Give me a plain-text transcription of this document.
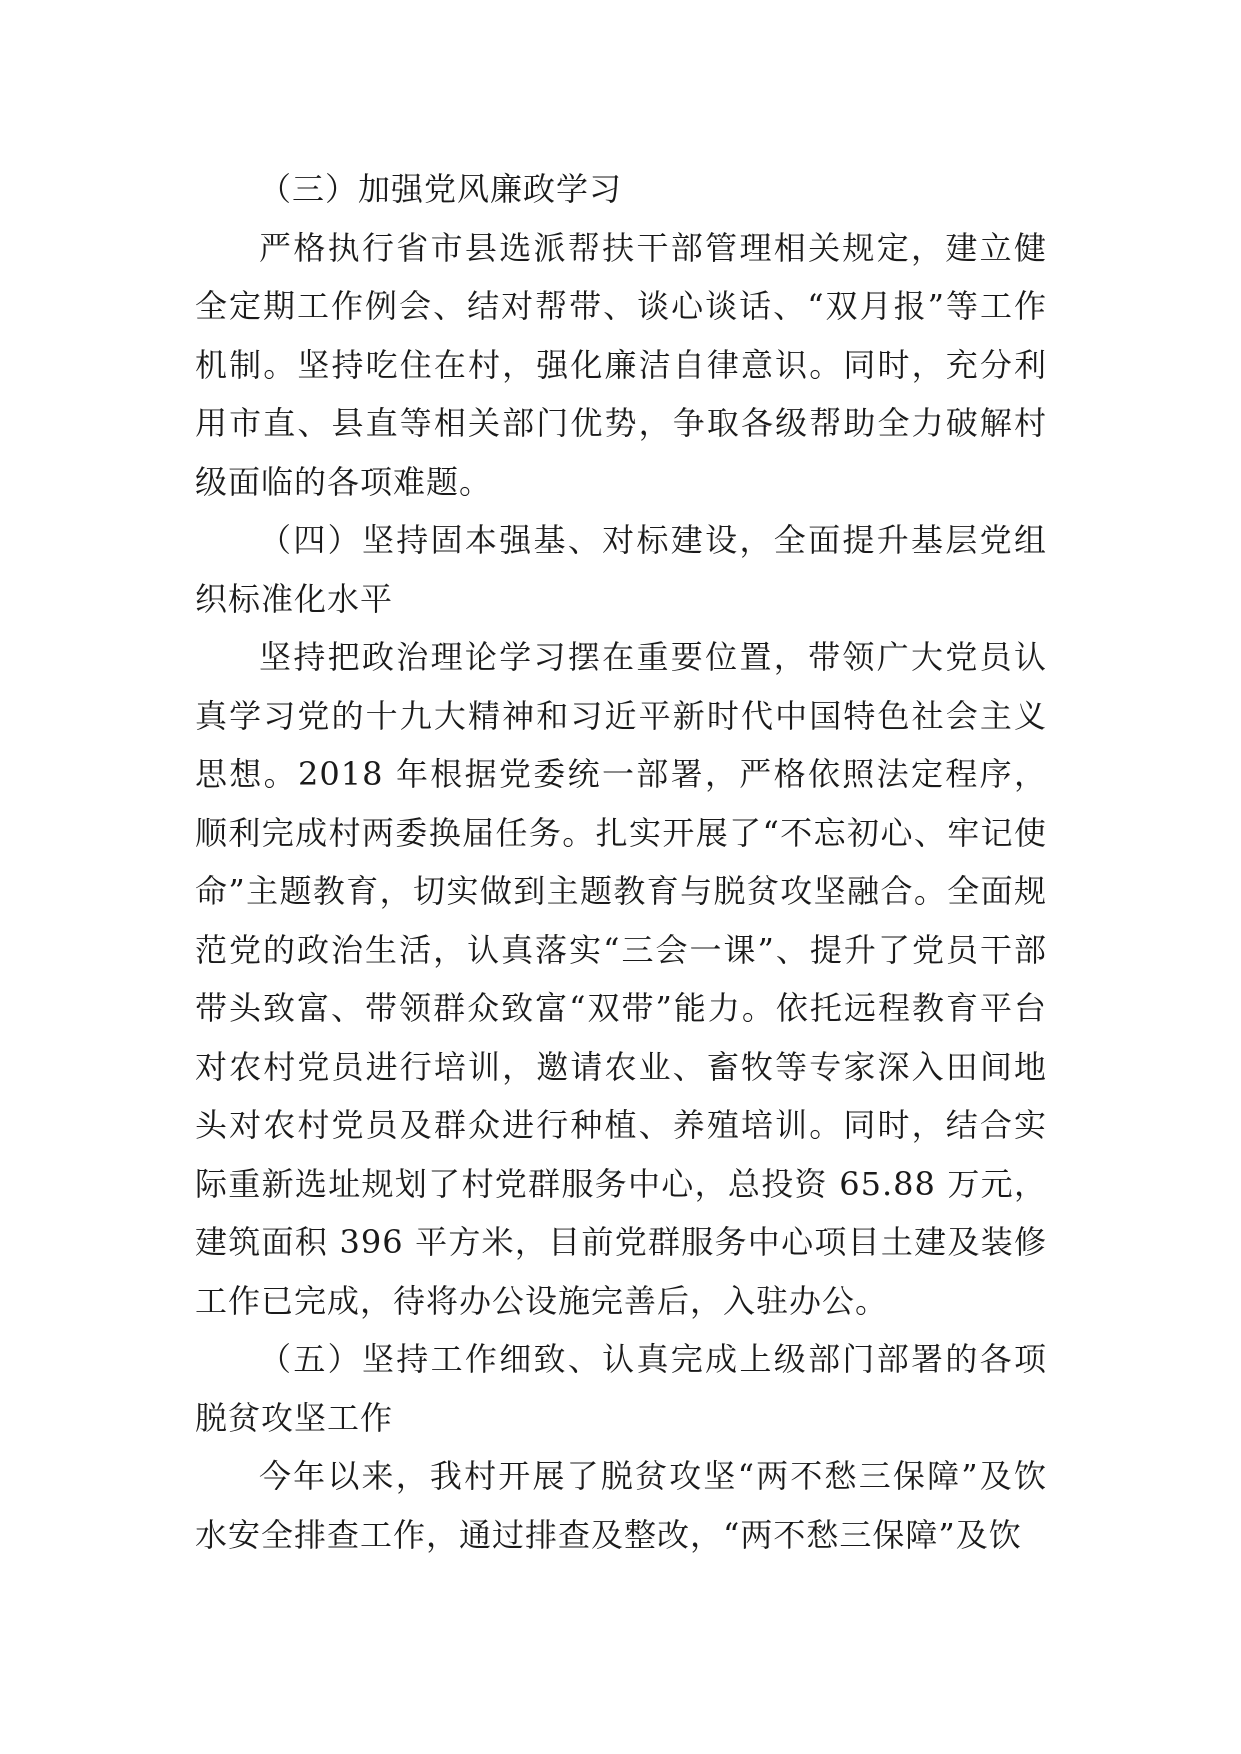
（三）加强党风廉政学习

严格执行省市县选派帮扶干部管理相关规定，建立健全定期工作例会、结对帮带、谈心谈话、“双月报”等工作机制。坚持吃住在村，强化廉洁自律意识。同时，充分利用市直、县直等相关部门优势，争取各级帮助全力破解村级面临的各项难题。

（四）坚持固本强基、对标建设，全面提升基层党组织标准化水平

坚持把政治理论学习摆在重要位置，带领广大党员认真学习党的十九大精神和习近平新时代中国特色社会主义思想。2018 年根据党委统一部署，严格依照法定程序，顺利完成村两委换届任务。扎实开展了“不忘初心、牢记使命”主题教育，切实做到主题教育与脱贫攻坚融合。全面规范党的政治生活，认真落实“三会一课”、提升了党员干部带头致富、带领群众致富“双带”能力。依托远程教育平台对农村党员进行培训，邀请农业、畜牧等专家深入田间地头对农村党员及群众进行种植、养殖培训。同时，结合实际重新选址规划了村党群服务中心，总投资 65.88 万元，建筑面积 396 平方米，目前党群服务中心项目土建及装修工作已完成，待将办公设施完善后，入驻办公。

（五）坚持工作细致、认真完成上级部门部署的各项脱贫攻坚工作

今年以来，我村开展了脱贫攻坚“两不愁三保障”及饮水安全排查工作，通过排查及整改，“两不愁三保障”及饮
